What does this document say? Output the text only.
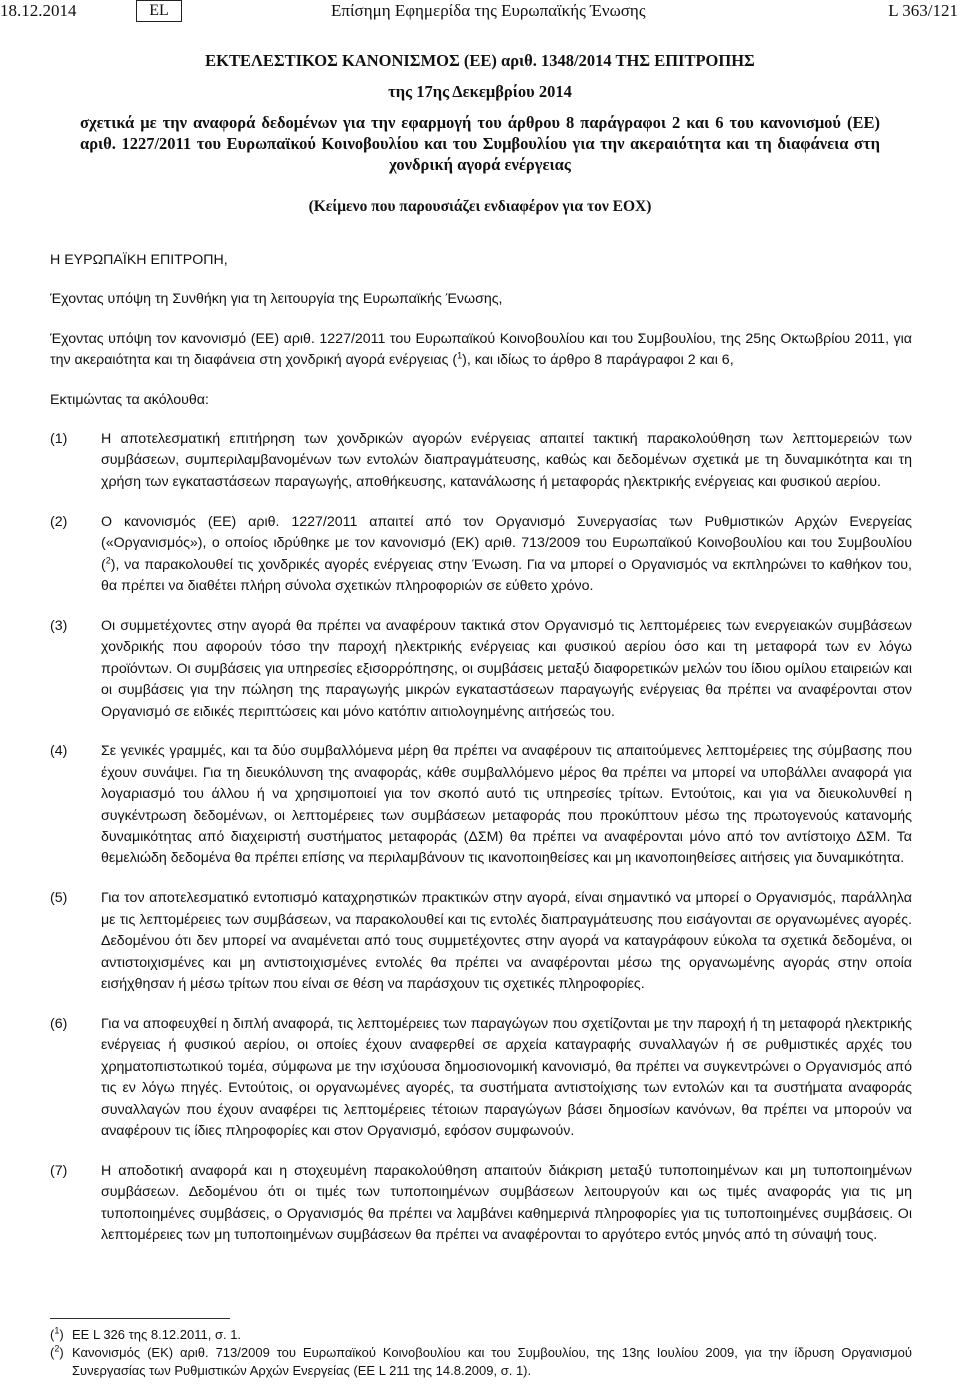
18.12.2014	EL	Επίσημη Εφημερίδα της Ευρωπαϊκής Ένωσης	L 363/121
ΕΚΤΕΛΕΣΤΙΚΟΣ ΚΑΝΟΝΙΣΜΟΣ (ΕΕ) αριθ. 1348/2014 ΤΗΣ ΕΠΙΤΡΟΠΗΣ
της 17ης Δεκεμβρίου 2014
σχετικά με την αναφορά δεδομένων για την εφαρμογή του άρθρου 8 παράγραφοι 2 και 6 του κανονισμού (ΕΕ) αριθ. 1227/2011 του Ευρωπαϊκού Κοινοβουλίου και του Συμβουλίου για την ακεραιότητα και τη διαφάνεια στη χονδρική αγορά ενέργειας
(Κείμενο που παρουσιάζει ενδιαφέρον για τον ΕΟΧ)

Η ΕΥΡΩΠΑΪΚΗ ΕΠΙΤΡΟΠΗ,

Έχοντας υπόψη τη Συνθήκη για τη λειτουργία της Ευρωπαϊκής Ένωσης,

Έχοντας υπόψη τον κανονισμό (ΕΕ) αριθ. 1227/2011 του Ευρωπαϊκού Κοινοβουλίου και του Συμβουλίου, της 25ης Οκτωβρίου 2011, για την ακεραιότητα και τη διαφάνεια στη χονδρική αγορά ενέργειας ($^1$), και ιδίως το άρθρο 8 παράγραφοι 2 και 6,

Εκτιμώντας τα ακόλουθα:

(1) Η αποτελεσματική επιτήρηση των χονδρικών αγορών ενέργειας απαιτεί τακτική παρακολούθηση των λεπτομερειών των συμβάσεων, συμπεριλαμβανομένων των εντολών διαπραγμάτευσης, καθώς και δεδομένων σχετικά με τη δυναμικότητα και τη χρήση των εγκαταστάσεων παραγωγής, αποθήκευσης, κατανάλωσης ή μεταφοράς ηλεκτρικής ενέργειας και φυσικού αερίου.
(2) Ο κανονισμός (ΕΕ) αριθ. 1227/2011 απαιτεί από τον Οργανισμό Συνεργασίας των Ρυθμιστικών Αρχών Ενεργείας («Οργανισμός»), ο οποίος ιδρύθηκε με τον κανονισμό (ΕΚ) αριθ. 713/2009 του Ευρωπαϊκού Κοινοβουλίου και του Συμβουλίου ($^2$), να παρακολουθεί τις χονδρικές αγορές ενέργειας στην Ένωση. Για να μπορεί ο Οργανισμός να εκπληρώνει το καθήκον του, θα πρέπει να διαθέτει πλήρη σύνολα σχετικών πληροφοριών σε εύθετο χρόνο.
(3) Οι συμμετέχοντες στην αγορά θα πρέπει να αναφέρουν τακτικά στον Οργανισμό τις λεπτομέρειες των ενεργειακών συμβάσεων χονδρικής που αφορούν τόσο την παροχή ηλεκτρικής ενέργειας και φυσικού αερίου όσο και τη μεταφορά των εν λόγω προϊόντων. Οι συμβάσεις για υπηρεσίες εξισορρόπησης, οι συμβάσεις μεταξύ διαφορετικών μελών του ίδιου ομίλου εταιρειών και οι συμβάσεις για την πώληση της παραγωγής μικρών εγκαταστάσεων παραγωγής ενέργειας θα πρέπει να αναφέρονται στον Οργανισμό σε ειδικές περιπτώσεις και μόνο κατόπιν αιτιολογημένης αιτήσεώς του.
(4) Σε γενικές γραμμές, και τα δύο συμβαλλόμενα μέρη θα πρέπει να αναφέρουν τις απαιτούμενες λεπτομέρειες της σύμβασης που έχουν συνάψει. Για τη διευκόλυνση της αναφοράς, κάθε συμβαλλόμενο μέρος θα πρέπει να μπορεί να υποβάλλει αναφορά για λογαριασμό του άλλου ή να χρησιμοποιεί για τον σκοπό αυτό τις υπηρεσίες τρίτων. Εντούτοις, και για να διευκολυνθεί η συγκέντρωση δεδομένων, οι λεπτομέρειες των συμβάσεων μεταφοράς που προκύπτουν μέσω της πρωτογενούς κατανομής δυναμικότητας από διαχειριστή συστήματος μεταφοράς (ΔΣΜ) θα πρέπει να αναφέρονται μόνο από τον αντίστοιχο ΔΣΜ. Τα θεμελιώδη δεδομένα θα πρέπει επίσης να περιλαμβάνουν τις ικανοποιηθείσες και μη ικανοποιηθείσες αιτήσεις για δυναμικότητα.
(5) Για τον αποτελεσματικό εντοπισμό καταχρηστικών πρακτικών στην αγορά, είναι σημαντικό να μπορεί ο Οργανισμός, παράλληλα με τις λεπτομέρειες των συμβάσεων, να παρακολουθεί και τις εντολές διαπραγμάτευσης που εισάγονται σε οργανωμένες αγορές. Δεδομένου ότι δεν μπορεί να αναμένεται από τους συμμετέχοντες στην αγορά να καταγράφουν εύκολα τα σχετικά δεδομένα, οι αντιστοιχισμένες και μη αντιστοιχισμένες εντολές θα πρέπει να αναφέρονται μέσω της οργανωμένης αγοράς στην οποία εισήχθησαν ή μέσω τρίτων που είναι σε θέση να παράσχουν τις σχετικές πληροφορίες.
(6) Για να αποφευχθεί η διπλή αναφορά, τις λεπτομέρειες των παραγώγων που σχετίζονται με την παροχή ή τη μεταφορά ηλεκτρικής ενέργειας ή φυσικού αερίου, οι οποίες έχουν αναφερθεί σε αρχεία καταγραφής συναλλαγών ή σε ρυθμιστικές αρχές του χρηματοπιστωτικού τομέα, σύμφωνα με την ισχύουσα δημοσιονομική κανονισμό, θα πρέπει να συγκεντρώνει ο Οργανισμός από τις εν λόγω πηγές. Εντούτοις, οι οργανωμένες αγορές, τα συστήματα αντιστοίχισης των εντολών και τα συστήματα αναφοράς συναλλαγών που έχουν αναφέρει τις λεπτομέρειες τέτοιων παραγώγων βάσει δημοσίων κανόνων, θα πρέπει να μπορούν να αναφέρουν τις ίδιες πληροφορίες και στον Οργανισμό, εφόσον συμφωνούν.
(7) Η αποδοτική αναφορά και η στοχευμένη παρακολούθηση απαιτούν διάκριση μεταξύ τυποποιημένων και μη τυποποιημένων συμβάσεων. Δεδομένου ότι οι τιμές των τυποποιημένων συμβάσεων λειτουργούν και ως τιμές αναφοράς για τις μη τυποποιημένες συμβάσεις, ο Οργανισμός θα πρέπει να λαμβάνει καθημερινά πληροφορίες για τις τυποποιημένες συμβάσεις. Οι λεπτομέρειες των μη τυποποιημένων συμβάσεων θα πρέπει να αναφέρονται το αργότερο εντός μηνός από τη σύναψή τους.
($^1$) ΕΕ L 326 της 8.12.2011, σ. 1.
($^2$) Κανονισμός (ΕΚ) αριθ. 713/2009 του Ευρωπαϊκού Κοινοβουλίου και του Συμβουλίου, της 13ης Ιουλίου 2009, για την ίδρυση Οργανισμού Συνεργασίας των Ρυθμιστικών Αρχών Ενεργείας (ΕΕ L 211 της 14.8.2009, σ. 1).
